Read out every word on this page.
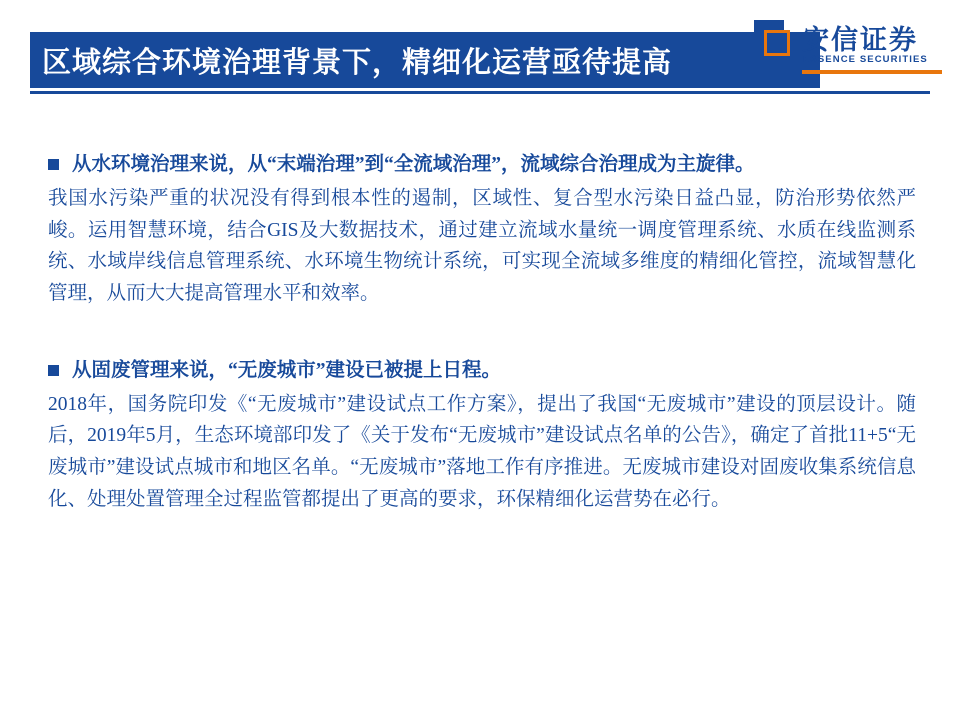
区域综合环境治理背景下，精细化运营亟待提高
安信证券
ESSENCE SECURITIES
从水环境治理来说，从“末端治理”到“全流域治理”，流域综合治理成为主旋律。

我国水污染严重的状况没有得到根本性的遏制，区域性、复合型水污染日益凸显，防治形势依然严峻。运用智慧环境，结合GIS及大数据技术，通过建立流域水量统一调度管理系统、水质在线监测系统、水域岸线信息管理系统、水环境生物统计系统，可实现全流域多维度的精细化管控，流域智慧化管理，从而大大提高管理水平和效率。

从固废管理来说，“无废城市”建设已被提上日程。

2018年，国务院印发《“无废城市”建设试点工作方案》，提出了我国“无废城市”建设的顶层设计。随后，2019年5月，生态环境部印发了《关于发布“无废城市”建设试点名单的公告》，确定了首批11+5“无废城市”建设试点城市和地区名单。“无废城市”落地工作有序推进。无废城市建设对固废收集系统信息化、处理处置管理全过程监管都提出了更高的要求，环保精细化运营势在必行。
